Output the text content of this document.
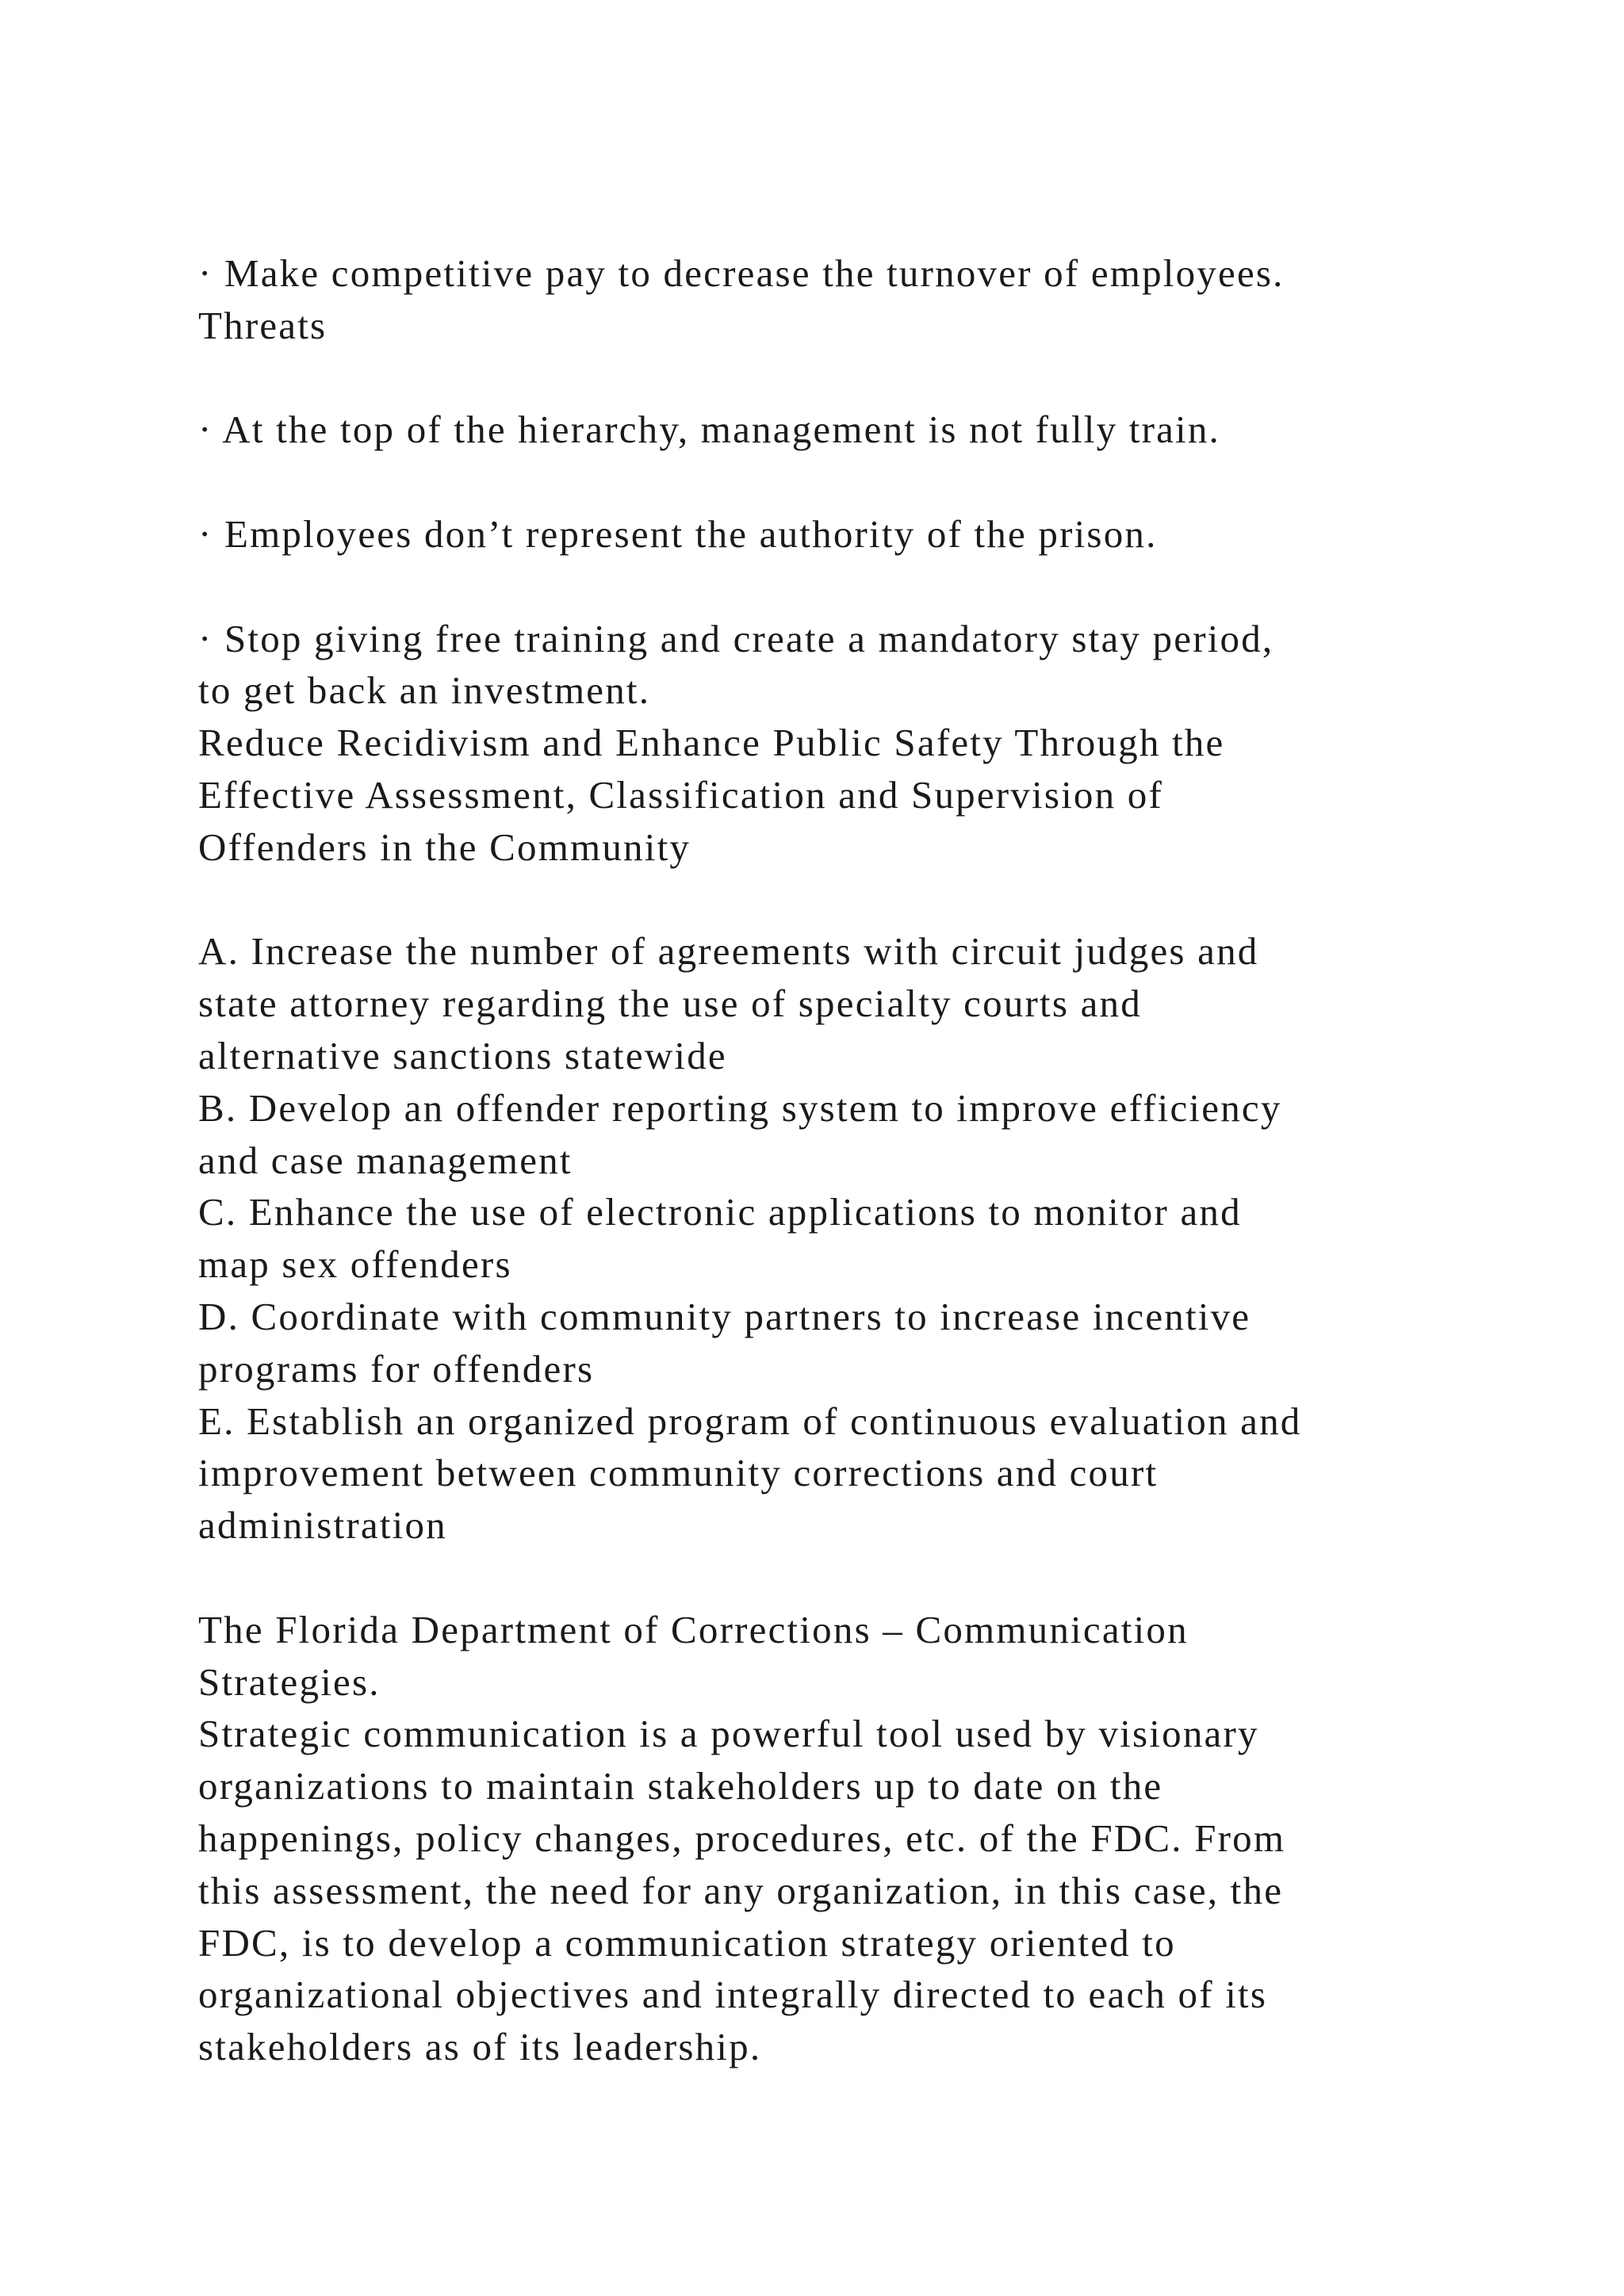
· Make competitive pay to decrease the turnover of employees.
Threats
· At the top of the hierarchy, management is not fully train.
· Employees don’t represent the authority of the prison.
· Stop giving free training and create a mandatory stay period,
to get back an investment.
Reduce Recidivism and Enhance Public Safety Through the
Effective Assessment, Classification and Supervision of
Offenders in the Community
A. Increase the number of agreements with circuit judges and
state attorney regarding the use of specialty courts and
alternative sanctions statewide
B. Develop an offender reporting system to improve efficiency
and case management
C. Enhance the use of electronic applications to monitor and
map sex offenders
D. Coordinate with community partners to increase incentive
programs for offenders
E. Establish an organized program of continuous evaluation and
improvement between community corrections and court
administration
The Florida Department of Corrections – Communication
Strategies.
Strategic communication is a powerful tool used by visionary
organizations to maintain stakeholders up to date on the
happenings, policy changes, procedures, etc. of the FDC. From
this assessment, the need for any organization, in this case, the
FDC, is to develop a communication strategy oriented to
organizational objectives and integrally directed to each of its
stakeholders as of its leadership.
